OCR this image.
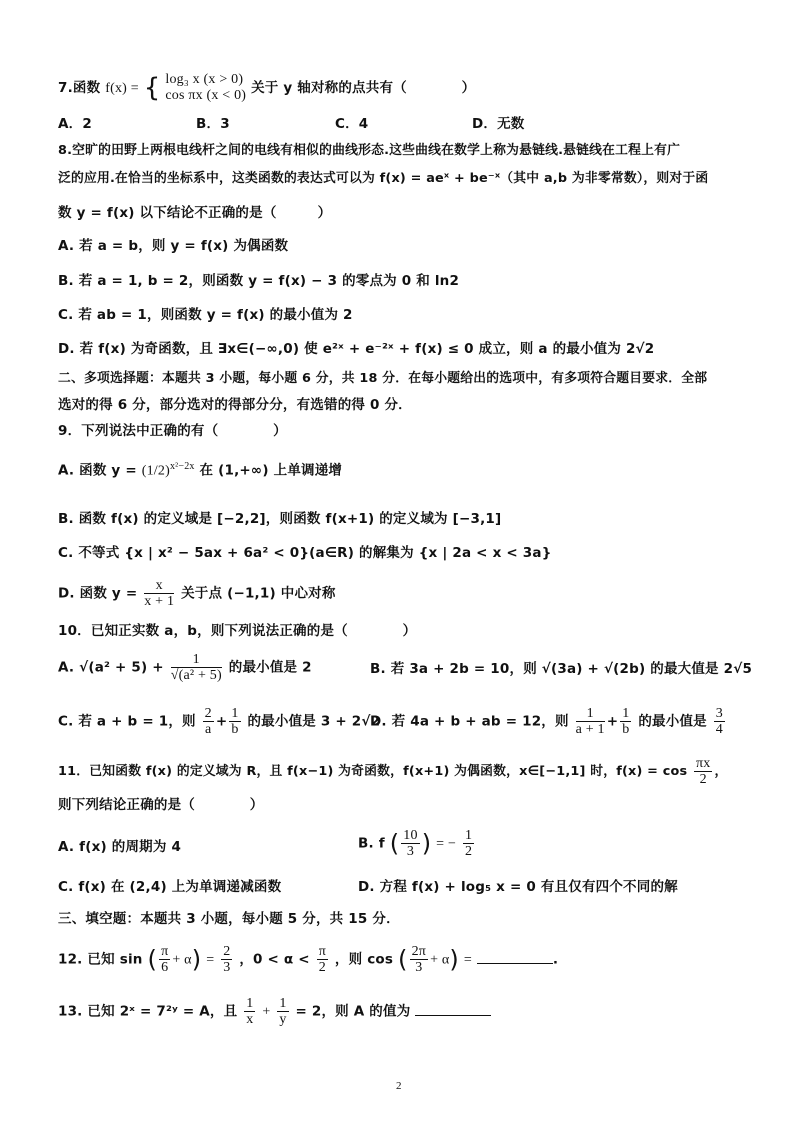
7.函数 f(x) = { log₃ x (x > 0)
cos πx (x < 0) 关于 y 轴对称的点共有（　　　　）
A．2	B．3	C．4	D．无数
8.空旷的田野上两根电线杆之间的电线有相似的曲线形态.这些曲线在数学上称为悬链线.悬链线在工程上有广
泛的应用.在恰当的坐标系中，这类函数的表达式可以为 f(x) = aeˣ + be⁻ˣ（其中 a,b 为非零常数），则对于函
数 y = f(x) 以下结论不正确的是（　　　）
A. 若 a = b，则 y = f(x) 为偶函数
B. 若 a = 1, b = 2，则函数 y = f(x) − 3 的零点为 0 和 ln2
C. 若 ab = 1，则函数 y = f(x) 的最小值为 2
D. 若 f(x) 为奇函数，且 ∃x∈(−∞,0) 使 e²ˣ + e⁻²ˣ + f(x) ≤ 0 成立，则 a 的最小值为 2√2
二、多项选择题：本题共 3 小题，每小题 6 分，共 18 分．在每小题给出的选项中，有多项符合题目要求．全部
选对的得 6 分，部分选对的得部分分，有选错的得 0 分．
9．下列说法中正确的有（　　　　）
A. 函数 $y = (1/2)^{x^2-2x}$ 在 (1,+∞) 上单调递增
B. 函数 f(x) 的定义域是 [−2,2]，则函数 f(x+1) 的定义域为 [−3,1]
C. 不等式 {x | x² − 5ax + 6a² < 0}(a∈R) 的解集为 {x | 2a < x < 3a}
D. 函数 $y = \frac{x}{x + 1}$ 关于点 (−1,1) 中心对称
10．已知正实数 a，b，则下列说法正确的是（　　　　）
A. $√(a^2 + 5) + \frac{1}{\text{√(a² + 5)}}$ 的最小值是 2	B. 若 3a + 2b = 10，则 √(3a) + √(2b) 的最大值是 2√5
C. 若 a + b = 1，则 $\frac{2}{a} + \frac{1}{b}$ 的最小值是 3 + 2√2
D. 若 4a + b + ab = 12，则 $\frac{1}{a + 1} + \frac{1}{b}$ 的最小值是 $\frac{3}{4}$
11．已知函数 f(x) 的定义域为 R，且 f(x−1) 为奇函数，f(x+1) 为偶函数，x∈[−1,1] 时，$f(x) = \cos \frac{\pi x}{2}$ ，
则下列结论正确的是（　　　　）
A. f(x) 的周期为 4	B. f ( $\frac{10}{3}$ ) = − $\frac{1}{2}$
C. f(x) 在 (2,4) 上为单调递减函数	D. 方程 f(x) + log₅ x = 0 有且仅有四个不同的解
三、填空题：本题共 3 小题，每小题 5 分，共 15 分．
12. 已知 sin ( $\frac{\pi}{6} + \alpha) = \frac{2}{3}$ ，$0 < \alpha < \frac{\pi}{2}$ ，则 cos ( $\frac{2\pi}{3} + \alpha$) =	.
13. 已知 2ˣ = 7²ʸ = A，且 $\frac{1}{x} + \frac{1}{y} = 2$，则 A 的值为
2
